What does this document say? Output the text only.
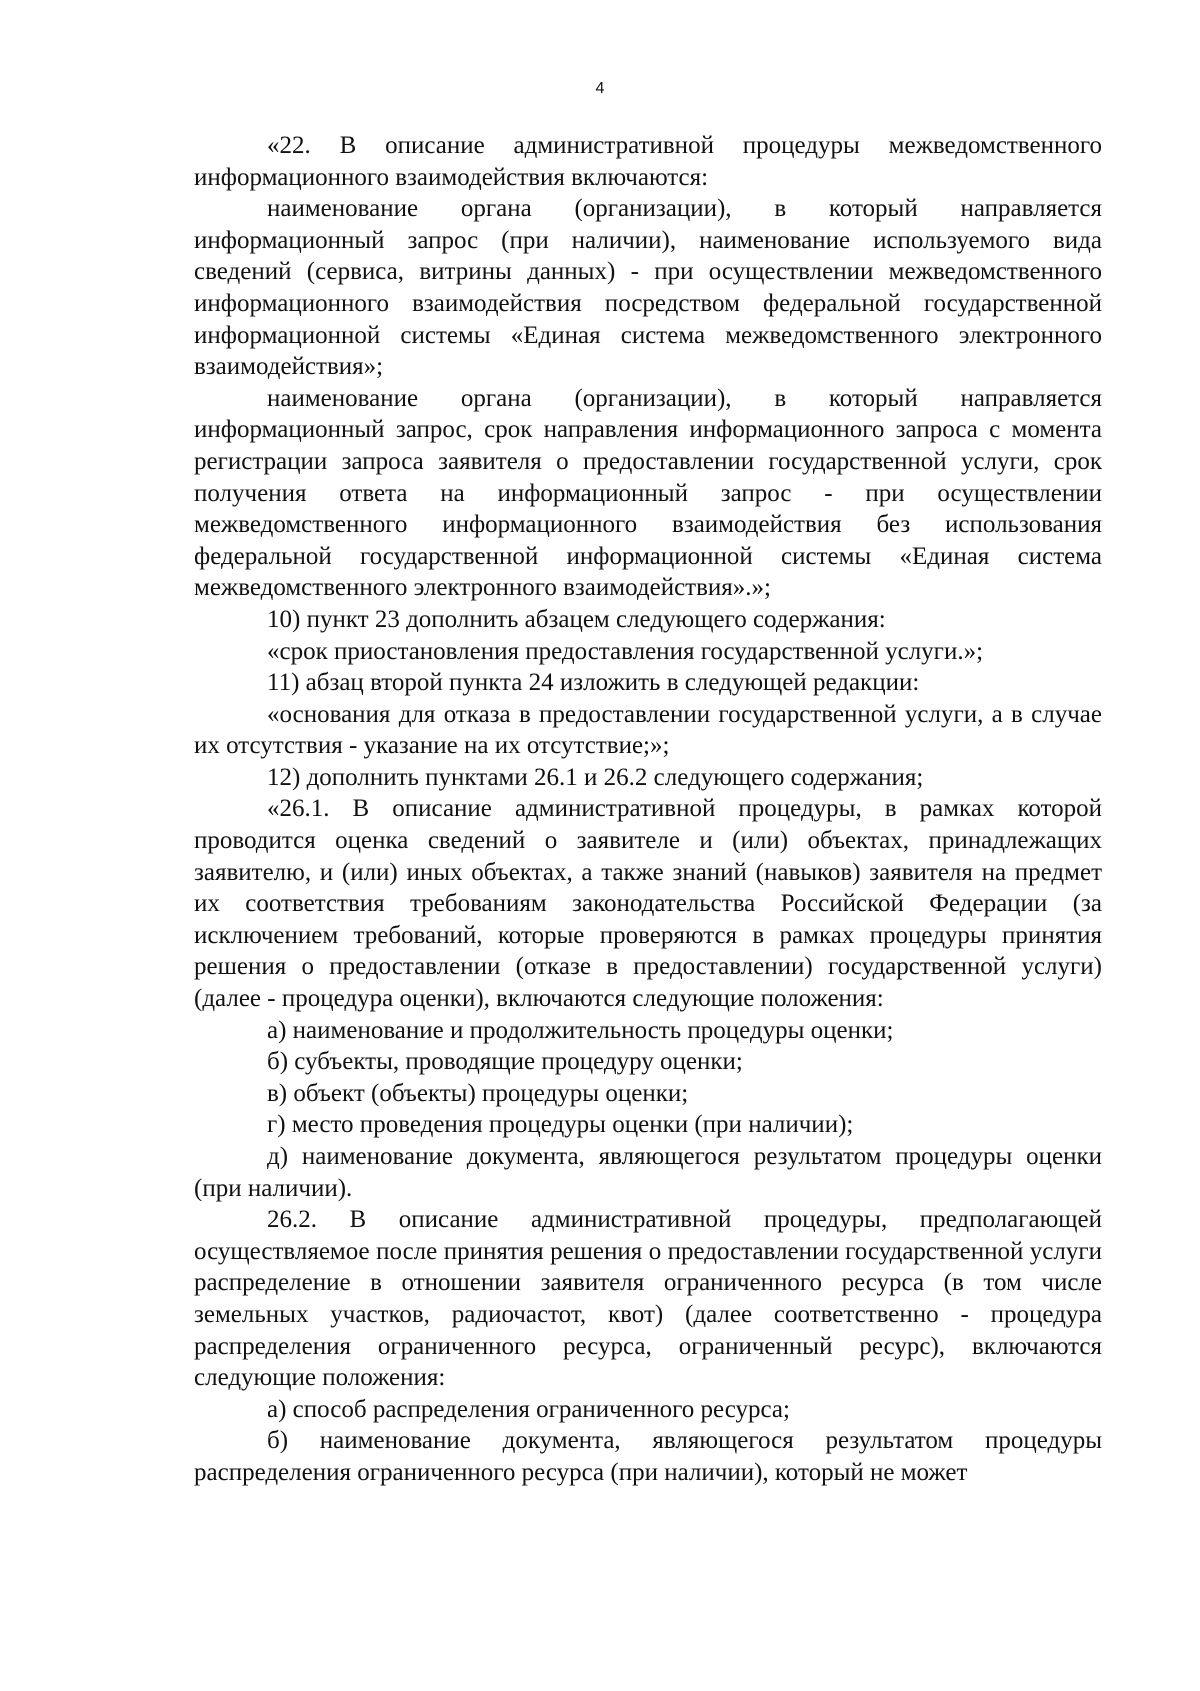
4

«22. В описание административной процедуры межведомственного информационного взаимодействия включаются:

наименование органа (организации), в который направляется информационный запрос (при наличии), наименование используемого вида сведений (сервиса, витрины данных) - при осуществлении межведомственного информационного взаимодействия посредством федеральной государственной информационной системы «Единая система межведомственного электронного взаимодействия»;

наименование органа (организации), в который направляется информационный запрос, срок направления информационного запроса с момента регистрации запроса заявителя о предоставлении государственной услуги, срок получения ответа на информационный запрос - при осуществлении межведомственного информационного взаимодействия без использования федеральной государственной информационной системы «Единая система межведомственного электронного взаимодействия».»;

10) пункт 23 дополнить абзацем следующего содержания:

«срок приостановления предоставления государственной услуги.»;

11) абзац второй пункта 24 изложить в следующей редакции:

«основания для отказа в предоставлении государственной услуги, а в случае их отсутствия - указание на их отсутствие;»;

12) дополнить пунктами 26.1 и 26.2 следующего содержания;

«26.1. В описание административной процедуры, в рамках которой проводится оценка сведений о заявителе и (или) объектах, принадлежащих заявителю, и (или) иных объектах, а также знаний (навыков) заявителя на предмет их соответствия требованиям законодательства Российской Федерации (за исключением требований, которые проверяются в рамках процедуры принятия решения о предоставлении (отказе в предоставлении) государственной услуги) (далее - процедура оценки), включаются следующие положения:

а) наименование и продолжительность процедуры оценки;

б) субъекты, проводящие процедуру оценки;

в) объект (объекты) процедуры оценки;

г) место проведения процедуры оценки (при наличии);

д) наименование документа, являющегося результатом процедуры оценки (при наличии).

26.2. В описание административной процедуры, предполагающей осуществляемое после принятия решения о предоставлении государственной услуги распределение в отношении заявителя ограниченного ресурса (в том числе земельных участков, радиочастот, квот) (далее соответственно - процедура распределения ограниченного ресурса, ограниченный ресурс), включаются следующие положения:

а) способ распределения ограниченного ресурса;

б) наименование документа, являющегося результатом процедуры распределения ограниченного ресурса (при наличии), который не может
